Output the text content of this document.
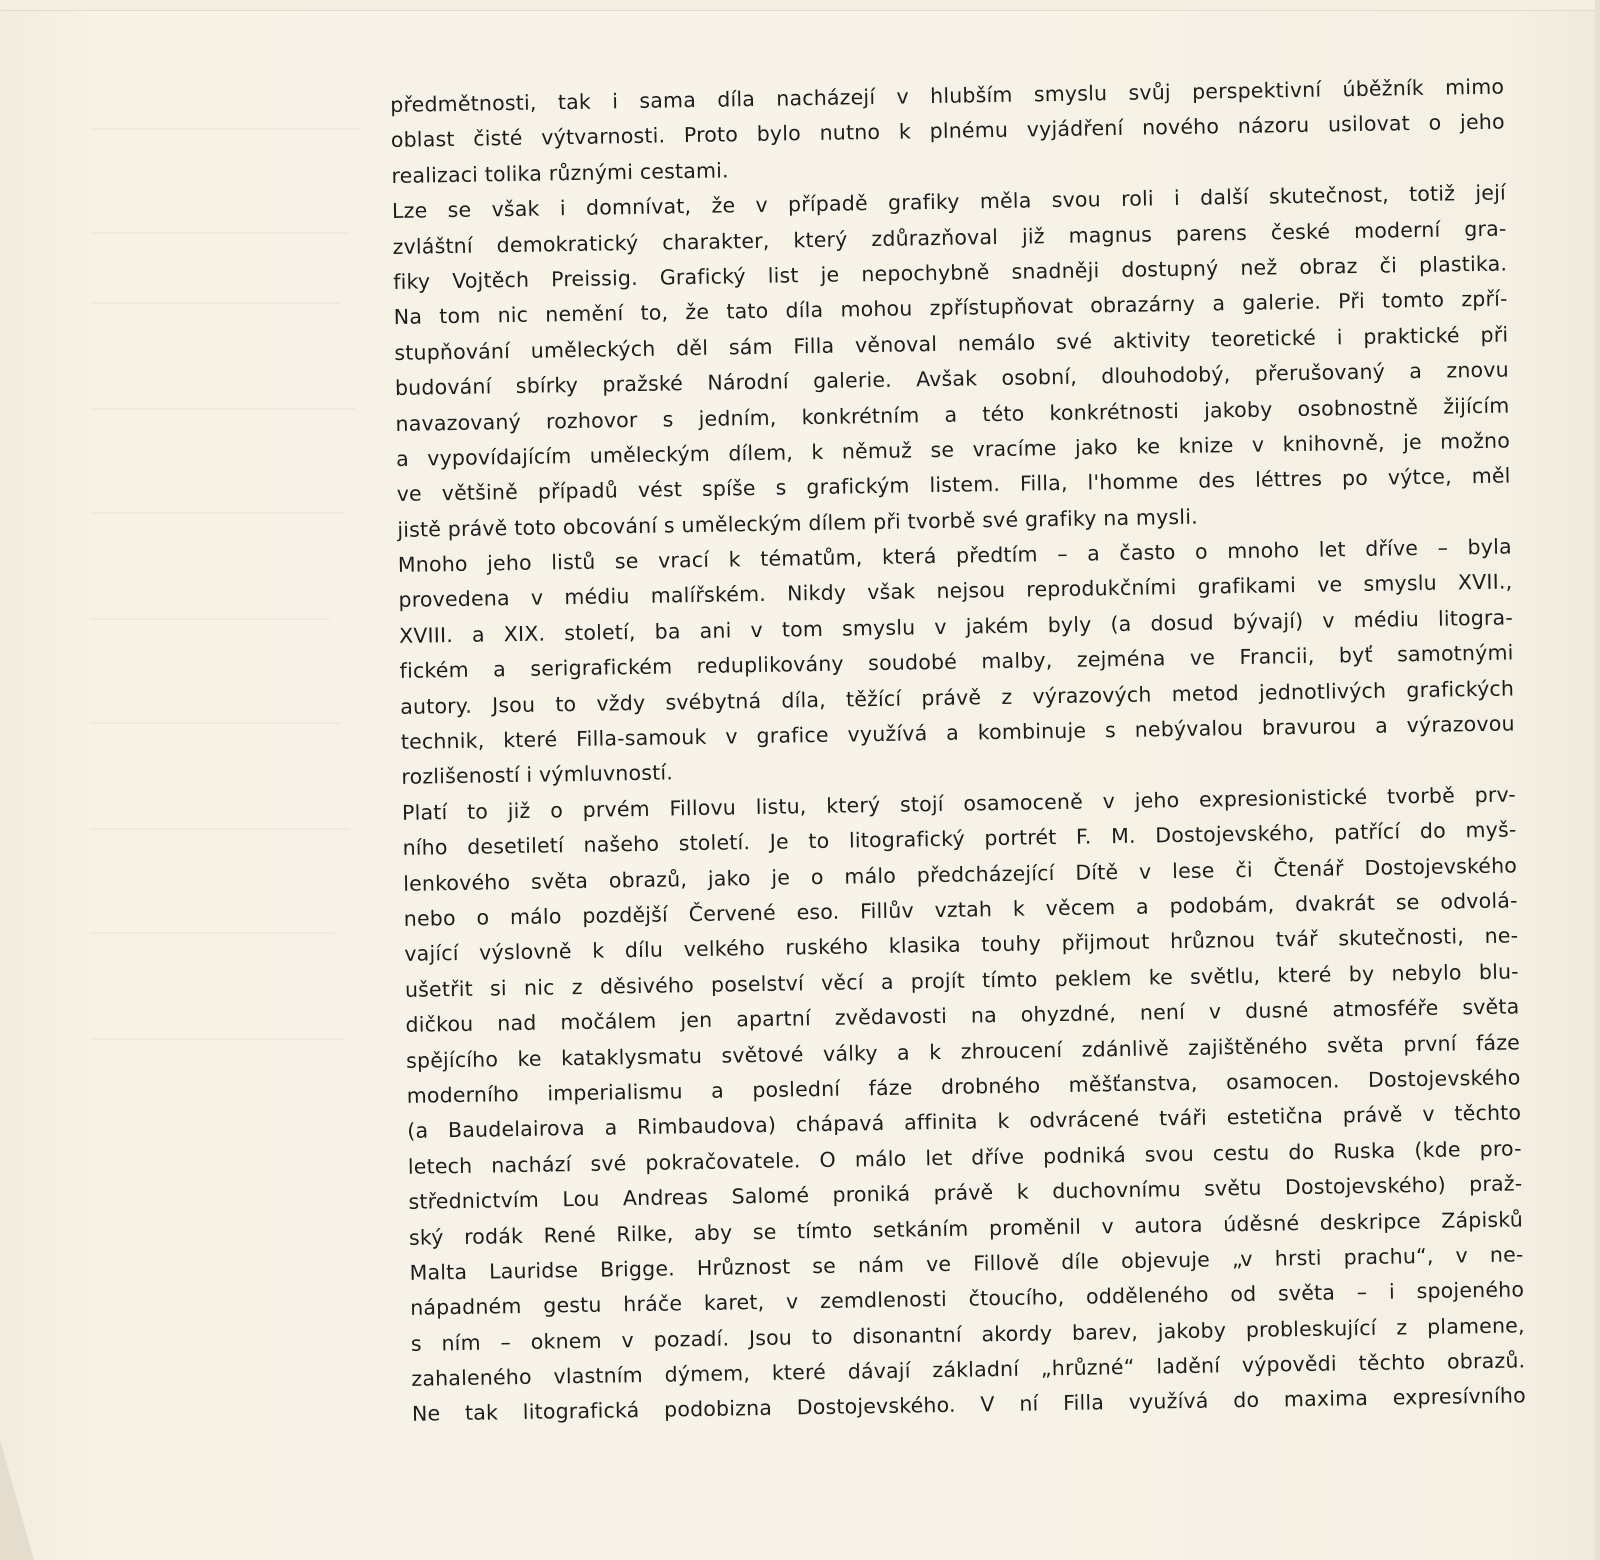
předmětnosti, tak i sama díla nacházejí v hlubším smyslu svůj perspektivní úběžník mimo
oblast čisté výtvarnosti. Proto bylo nutno k plnému vyjádření nového názoru usilovat o jeho
realizaci tolika různými cestami.
Lze se však i domnívat, že v případě grafiky měla svou roli i další skutečnost, totiž její
zvláštní demokratický charakter, který zdůrazňoval již magnus parens české moderní gra-
fiky Vojtěch Preissig. Grafický list je nepochybně snadněji dostupný než obraz či plastika.
Na tom nic nemění to, že tato díla mohou zpřístupňovat obrazárny a galerie. Při tomto zpří-
stupňování uměleckých děl sám Filla věnoval nemálo své aktivity teoretické i praktické při
budování sbírky pražské Národní galerie. Avšak osobní, dlouhodobý, přerušovaný a znovu
navazovaný rozhovor s jedním, konkrétním a této konkrétnosti jakoby osobnostně žijícím
a vypovídajícím uměleckým dílem, k němuž se vracíme jako ke knize v knihovně, je možno
ve většině případů vést spíše s grafickým listem. Filla, l'homme des léttres po výtce, měl
jistě právě toto obcování s uměleckým dílem při tvorbě své grafiky na mysli.
Mnoho jeho listů se vrací k tématům, která předtím – a často o mnoho let dříve – byla
provedena v médiu malířském. Nikdy však nejsou reprodukčními grafikami ve smyslu XVII.,
XVIII. a XIX. století, ba ani v tom smyslu v jakém byly (a dosud bývají) v médiu litogra-
fickém a serigrafickém reduplikovány soudobé malby, zejména ve Francii, byť samotnými
autory. Jsou to vždy svébytná díla, těžící právě z výrazových metod jednotlivých grafických
technik, které Filla-samouk v grafice využívá a kombinuje s nebývalou bravurou a výrazovou
rozlišeností i výmluvností.
Platí to již o prvém Fillovu listu, který stojí osamoceně v jeho expresionistické tvorbě prv-
ního desetiletí našeho století. Je to litografický portrét F. M. Dostojevského, patřící do myš-
lenkového světa obrazů, jako je o málo předcházející Dítě v lese či Čtenář Dostojevského
nebo o málo pozdější Červené eso. Fillův vztah k věcem a podobám, dvakrát se odvolá-
vající výslovně k dílu velkého ruského klasika touhy přijmout hrůznou tvář skutečnosti, ne-
ušetřit si nic z děsivého poselství věcí a projít tímto peklem ke světlu, které by nebylo blu-
dičkou nad močálem jen apartní zvědavosti na ohyzdné, není v dusné atmosféře světa
spějícího ke kataklysmatu světové války a k zhroucení zdánlivě zajištěného světa první fáze
moderního imperialismu a poslední fáze drobného měšťanstva, osamocen. Dostojevského
(a Baudelairova a Rimbaudova) chápavá affinita k odvrácené tváři estetična právě v těchto
letech nachází své pokračovatele. O málo let dříve podniká svou cestu do Ruska (kde pro-
střednictvím Lou Andreas Salomé proniká právě k duchovnímu světu Dostojevského) praž-
ský rodák René Rilke, aby se tímto setkáním proměnil v autora úděsné deskripce Zápisků
Malta Lauridse Brigge. Hrůznost se nám ve Fillově díle objevuje „v hrsti prachu“, v ne-
nápadném gestu hráče karet, v zemdlenosti čtoucího, odděleného od světa – i spojeného
s ním – oknem v pozadí. Jsou to disonantní akordy barev, jakoby probleskující z plamene,
zahaleného vlastním dýmem, které dávají základní „hrůzné“ ladění výpovědi těchto obrazů.
Ne tak litografická podobizna Dostojevského. V ní Filla využívá do maxima expresívního
